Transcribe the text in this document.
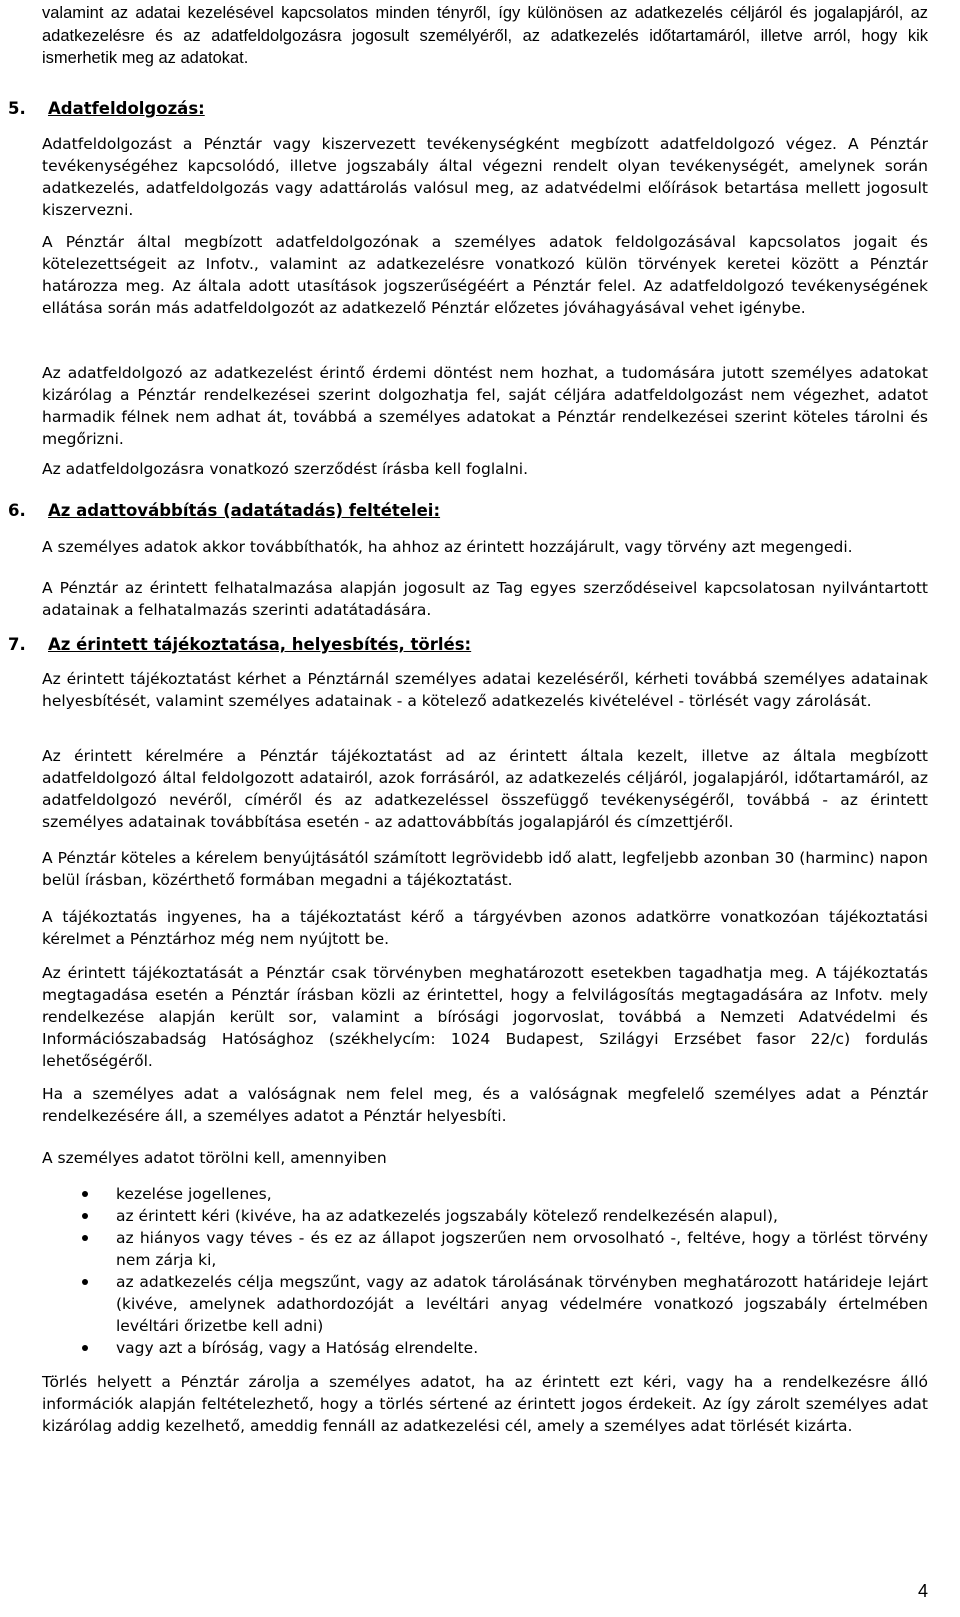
valamint az adatai kezelésével kapcsolatos minden tényről, így különösen az adatkezelés céljáról és jogalapjáról, az adatkezelésre és az adatfeldolgozásra jogosult személyéről, az adatkezelés időtartamáról, illetve arról, hogy kik ismerhetik meg az adatokat.
5. Adatfeldolgozás:
Adatfeldolgozást a Pénztár vagy kiszervezett tevékenységként megbízott adatfeldolgozó végez. A Pénztár tevékenységéhez kapcsolódó, illetve jogszabály által végezni rendelt olyan tevékenységét, amelynek során adatkezelés, adatfeldolgozás vagy adattárolás valósul meg, az adatvédelmi előírások betartása mellett jogosult kiszervezni.
A Pénztár által megbízott adatfeldolgozónak a személyes adatok feldolgozásával kapcsolatos jogait és kötelezettségeit az Infotv., valamint az adatkezelésre vonatkozó külön törvények keretei között a Pénztár határozza meg. Az általa adott utasítások jogszerűségéért a Pénztár felel. Az adatfeldolgozó tevékenységének ellátása során más adatfeldolgozót az adatkezelő Pénztár előzetes jóváhagyásával vehet igénybe.
Az adatfeldolgozó az adatkezelést érintő érdemi döntést nem hozhat, a tudomására jutott személyes adatokat kizárólag a Pénztár rendelkezései szerint dolgozhatja fel, saját céljára adatfeldolgozást nem végezhet, adatot harmadik félnek nem adhat át, továbbá a személyes adatokat a Pénztár rendelkezései szerint köteles tárolni és megőrizni.
Az adatfeldolgozásra vonatkozó szerződést írásba kell foglalni.
6. Az adattovábbítás (adatátadás) feltételei:
A személyes adatok akkor továbbíthatók, ha ahhoz az érintett hozzájárult, vagy törvény azt megengedi.
A Pénztár az érintett felhatalmazása alapján jogosult az Tag egyes szerződéseivel kapcsolatosan nyilvántartott adatainak a felhatalmazás szerinti adatátadására.
7. Az érintett tájékoztatása, helyesbítés, törlés:
Az érintett tájékoztatást kérhet a Pénztárnál személyes adatai kezeléséről, kérheti továbbá személyes adatainak helyesbítését, valamint személyes adatainak - a kötelező adatkezelés kivételével - törlését vagy zárolását.
Az érintett kérelmére a Pénztár tájékoztatást ad az érintett általa kezelt, illetve az általa megbízott adatfeldolgozó által feldolgozott adatairól, azok forrásáról, az adatkezelés céljáról, jogalapjáról, időtartamáról, az adatfeldolgozó nevéről, címéről és az adatkezeléssel összefüggő tevékenységéről, továbbá - az érintett személyes adatainak továbbítása esetén - az adattovábbítás jogalapjáról és címzettjéről.
A Pénztár köteles a kérelem benyújtásától számított legrövidebb idő alatt, legfeljebb azonban 30 (harminc) napon belül írásban, közérthető formában megadni a tájékoztatást.
A tájékoztatás ingyenes, ha a tájékoztatást kérő a tárgyévben azonos adatkörre vonatkozóan tájékoztatási kérelmet a Pénztárhoz még nem nyújtott be.
Az érintett tájékoztatását a Pénztár csak törvényben meghatározott esetekben tagadhatja meg. A tájékoztatás megtagadása esetén a Pénztár írásban közli az érintettel, hogy a felvilágosítás megtagadására az Infotv. mely rendelkezése alapján került sor, valamint a bírósági jogorvoslat, továbbá a Nemzeti Adatvédelmi és Információszabadság Hatósághoz (székhelycím: 1024 Budapest, Szilágyi Erzsébet fasor 22/c) fordulás lehetőségéről.
Ha a személyes adat a valóságnak nem felel meg, és a valóságnak megfelelő személyes adat a Pénztár rendelkezésére áll, a személyes adatot a Pénztár helyesbíti.
A személyes adatot törölni kell, amennyiben
kezelése jogellenes,
az érintett kéri (kivéve, ha az adatkezelés jogszabály kötelező rendelkezésén alapul),
az hiányos vagy téves - és ez az állapot jogszerűen nem orvosolható -, feltéve, hogy a törlést törvény nem zárja ki,
az adatkezelés célja megszűnt, vagy az adatok tárolásának törvényben meghatározott határideje lejárt (kivéve, amelynek adathordozóját a levéltári anyag védelmére vonatkozó jogszabály értelmében levéltári őrizetbe kell adni)
vagy azt a bíróság, vagy a Hatóság elrendelte.
Törlés helyett a Pénztár zárolja a személyes adatot, ha az érintett ezt kéri, vagy ha a rendelkezésre álló információk alapján feltételezhető, hogy a törlés sértené az érintett jogos érdekeit. Az így zárolt személyes adat kizárólag addig kezelhető, ameddig fennáll az adatkezelési cél, amely a személyes adat törlését kizárta.
4
